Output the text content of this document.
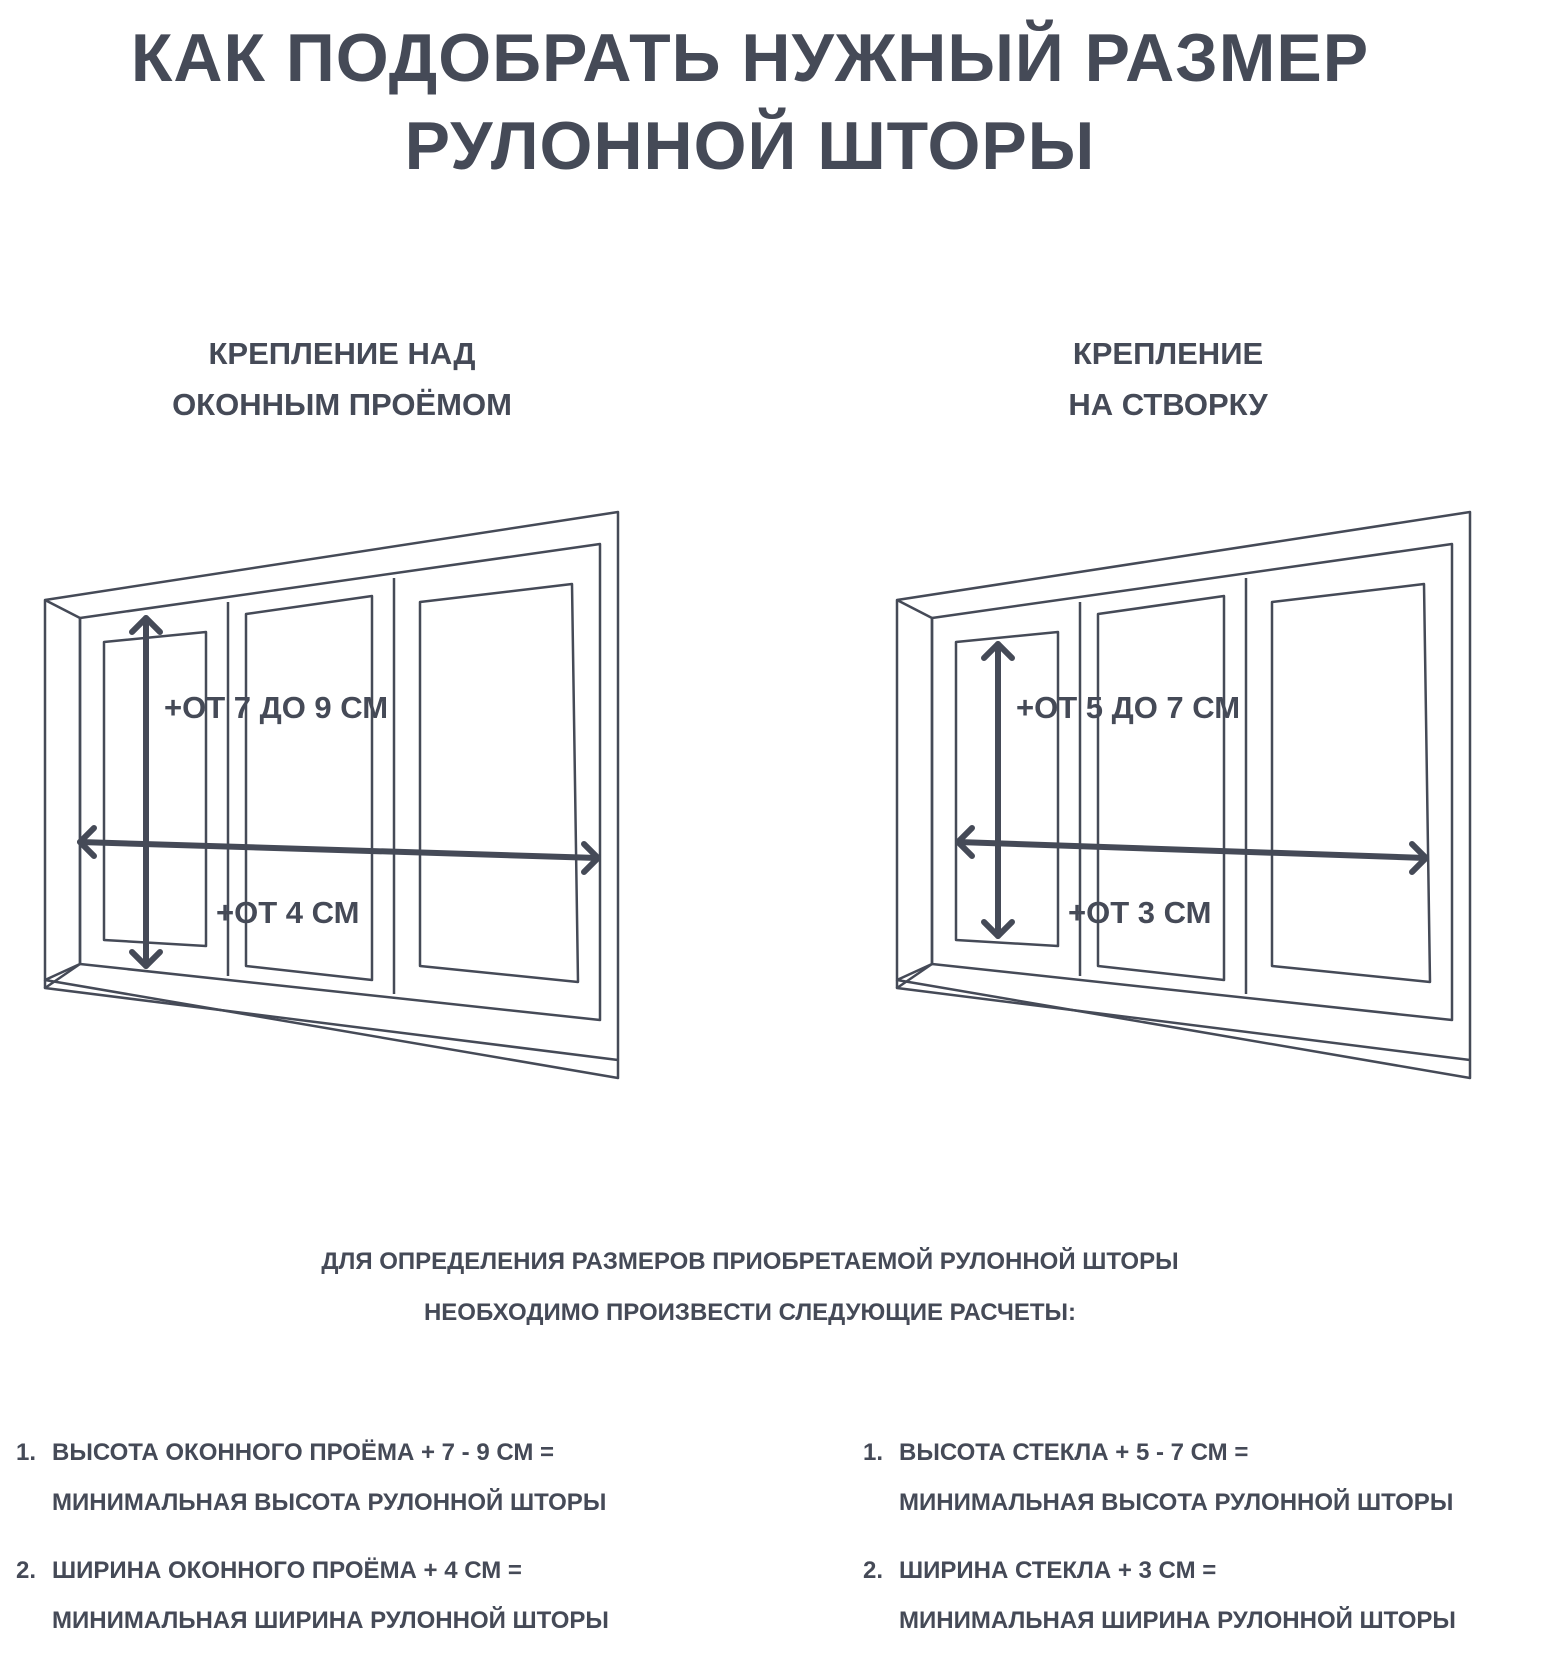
КАК ПОДОБРАТЬ НУЖНЫЙ РАЗМЕР
РУЛОННОЙ ШТОРЫ
КРЕПЛЕНИЕ НАД
ОКОННЫМ ПРОЁМОМ
КРЕПЛЕНИЕ
НА СТВОРКУ
+ОТ 7 ДО 9 СМ
+ОТ 4 СМ
+ОТ 5 ДО 7 СМ
+ОТ 3 СМ
ДЛЯ ОПРЕДЕЛЕНИЯ РАЗМЕРОВ ПРИОБРЕТАЕМОЙ РУЛОННОЙ ШТОРЫ
НЕОБХОДИМО ПРОИЗВЕСТИ СЛЕДУЮЩИЕ РАСЧЕТЫ:
1. ВЫСОТА ОКОННОГО ПРОЁМА + 7 - 9 СМ =
МИНИМАЛЬНАЯ ВЫСОТА РУЛОННОЙ ШТОРЫ
2. ШИРИНА ОКОННОГО ПРОЁМА + 4 СМ =
МИНИМАЛЬНАЯ ШИРИНА РУЛОННОЙ ШТОРЫ
1. ВЫСОТА СТЕКЛА + 5 - 7 СМ =
МИНИМАЛЬНАЯ ВЫСОТА РУЛОННОЙ ШТОРЫ
2. ШИРИНА СТЕКЛА + 3 СМ =
МИНИМАЛЬНАЯ ШИРИНА РУЛОННОЙ ШТОРЫ
